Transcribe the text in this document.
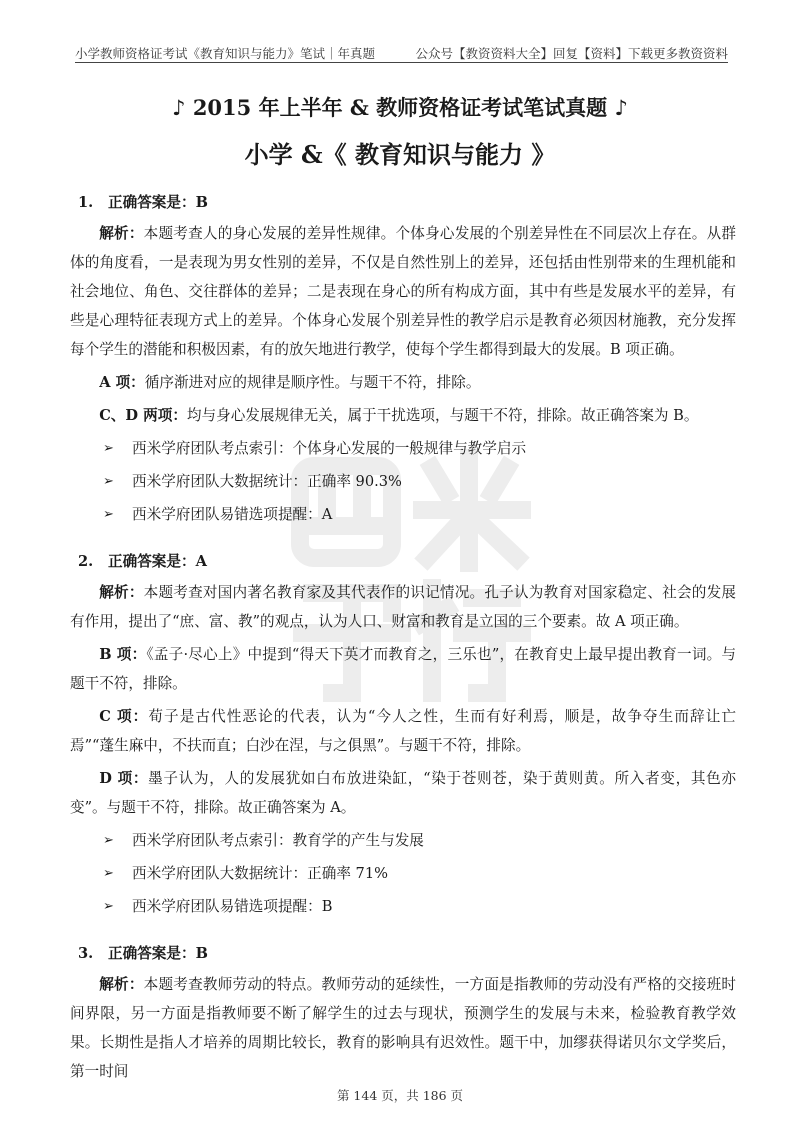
小学教师资格证考试《教育知识与能力》笔试｜年真题	公众号【教资资料大全】回复【资料】下载更多教资资料
♪ 2015 年上半年 & 教师资格证考试笔试真题 ♪
小学 &《 教育知识与能力 》
1. 正确答案是：B

解析：本题考查人的身心发展的差异性规律。个体身心发展的个别差异性在不同层次上存在。从群体的角度看，一是表现为男女性别的差异，不仅是自然性别上的差异，还包括由性别带来的生理机能和社会地位、角色、交往群体的差异；二是表现在身心的所有构成方面，其中有些是发展水平的差异，有些是心理特征表现方式上的差异。个体身心发展个别差异性的教学启示是教育必须因材施教，充分发挥每个学生的潜能和积极因素，有的放矢地进行教学，使每个学生都得到最大的发展。B 项正确。

A 项：循序渐进对应的规律是顺序性。与题干不符，排除。

C、D 两项：均与身心发展规律无关，属于干扰选项，与题干不符，排除。故正确答案为 B。

➢ 西米学府团队考点索引：个体身心发展的一般规律与教学启示
➢ 西米学府团队大数据统计：正确率 90.3%
➢ 西米学府团队易错选项提醒：A
2. 正确答案是：A

解析：本题考查对国内著名教育家及其代表作的识记情况。孔子认为教育对国家稳定、社会的发展有作用，提出了“庶、富、教”的观点，认为人口、财富和教育是立国的三个要素。故 A 项正确。

B 项：《孟子·尽心上》中提到“得天下英才而教育之，三乐也”，在教育史上最早提出教育一词。与题干不符，排除。

C 项：荀子是古代性恶论的代表，认为“今人之性，生而有好利焉，顺是，故争夺生而辞让亡焉”“蓬生麻中，不扶而直；白沙在涅，与之俱黑”。与题干不符，排除。

D 项：墨子认为，人的发展犹如白布放进染缸，“染于苍则苍，染于黄则黄。所入者变，其色亦变”。与题干不符，排除。故正确答案为 A。

➢ 西米学府团队考点索引：教育学的产生与发展
➢ 西米学府团队大数据统计：正确率 71%
➢ 西米学府团队易错选项提醒：B
3. 正确答案是：B

解析：本题考查教师劳动的特点。教师劳动的延续性，一方面是指教师的劳动没有严格的交接班时间界限，另一方面是指教师要不断了解学生的过去与现状，预测学生的发展与未来，检验教育教学效果。长期性是指人才培养的周期比较长，教育的影响具有迟效性。题干中，加缪获得诺贝尔文学奖后，第一时间

第 144 页，共 186 页
